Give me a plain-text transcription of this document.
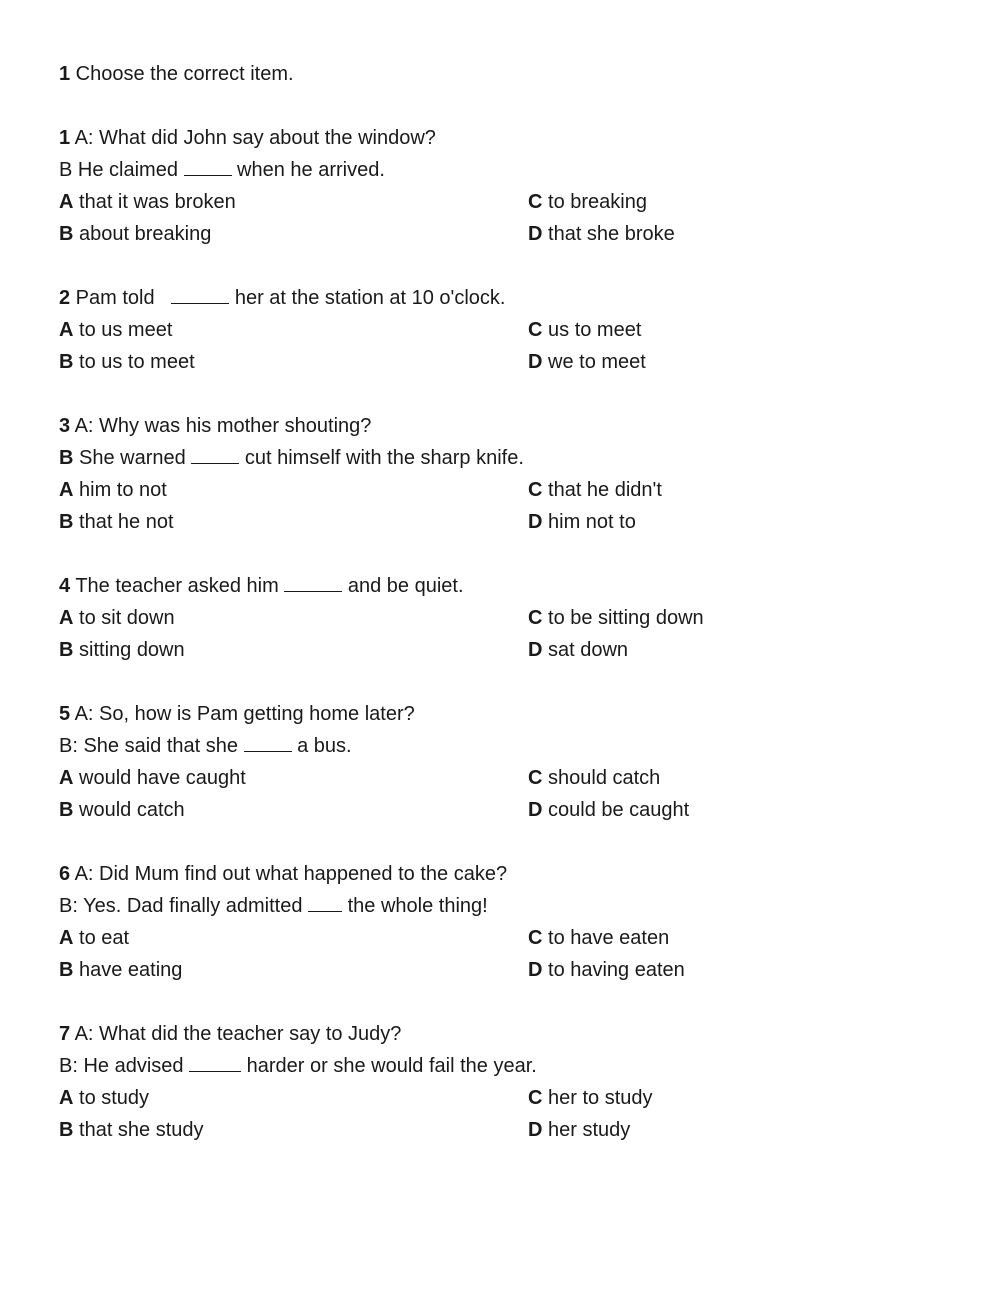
1 Choose the correct item.
1 A: What did John say about the window?
B He claimed  when he arrived.
A that it was broken	C to breaking
B about breaking	D that she broke
2 Pam told	her at the station at 10 o'clock.
A to us meet	C us to meet
B to us to meet	D we to meet
3 A: Why was his mother shouting?
B She warned  cut himself with the sharp knife.
A him to not	C that he didn't
B that he not	D him not to
4 The teacher asked him	and be quiet.
A to sit down	C to be sitting down
B sitting down	D sat down
5 A: So, how is Pam getting home later?
B: She said that she  a bus.
A would have caught	C should catch
B would catch	D could be caught
6 A: Did Mum find out what happened to the cake?
B: Yes. Dad finally admitted  the whole thing!
A to eat	C to have eaten
B have eating	D to having eaten
7 A: What did the teacher say to Judy?
B: He advised	harder or she would fail the year.
A to study	C her to study
B that she study	D her study
